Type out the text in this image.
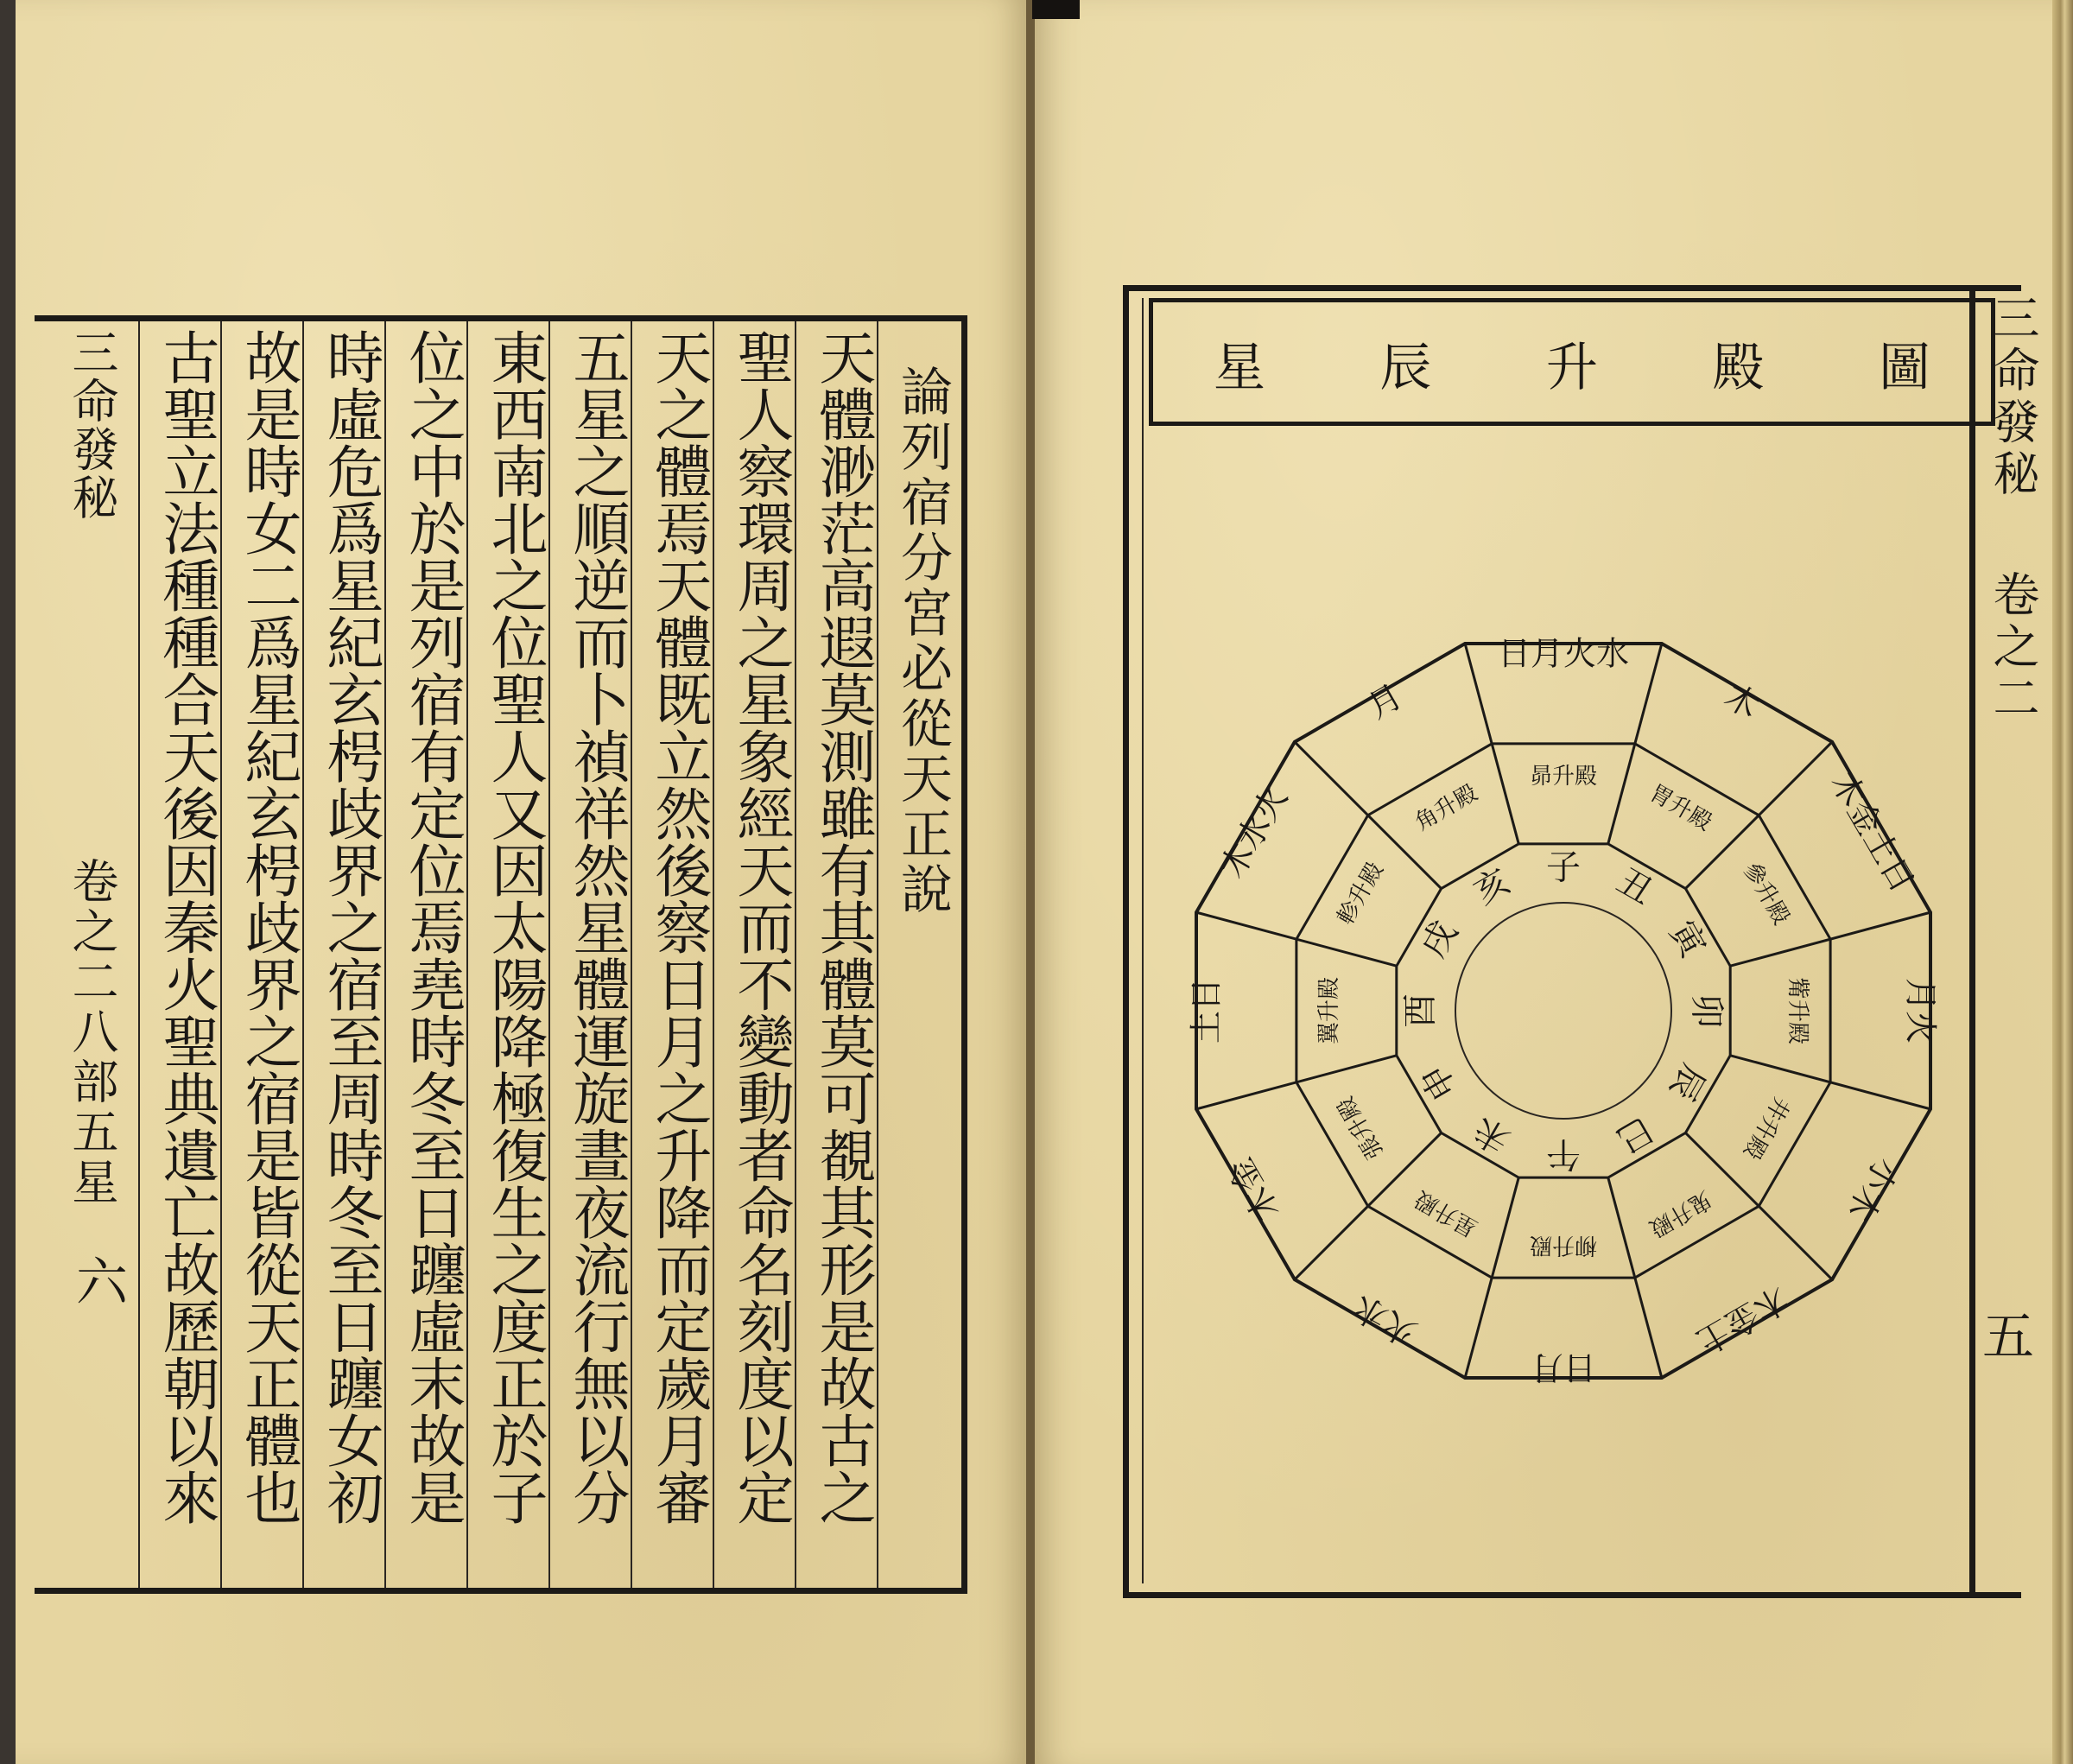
論列宿分宮必從天正說
天體渺茫高遐莫測雖有其體莫可覩其形是故古之
聖人察環周之星象經天而不變動者命名刻度以定
天之體焉天體既立然後察日月之升降而定歲月審
五星之順逆而卜禎祥然星體運旋晝夜流行無以分
東西南北之位聖人又因太陽降極復生之度正於子
位之中於是列宿有定位焉堯時冬至日躔虛末故是
時虛危爲星紀玄枵歧界之宿至周時冬至日躔女初
故是時女二爲星紀玄枵歧界之宿是皆從天正體也
古聖立法種種合天後因秦火聖典遺亡故歷朝以來
三命發秘
卷之二八部五星
六
星 辰 升 殿 圖 三命發秘
卷之二
五
日月火水
昴升殿
子
木
胃升殿
丑	木金土日
參升殿
寅
月火
觜升殿
卯
小木
井升殿
辰
木金土
鬼升殿
巳
日月
柳升殿
午
火水
星升殿
未
木金
張升殿
申
土日	翼升殿 酉
木水火
軫升殿
戌
月
角升殿
亥
